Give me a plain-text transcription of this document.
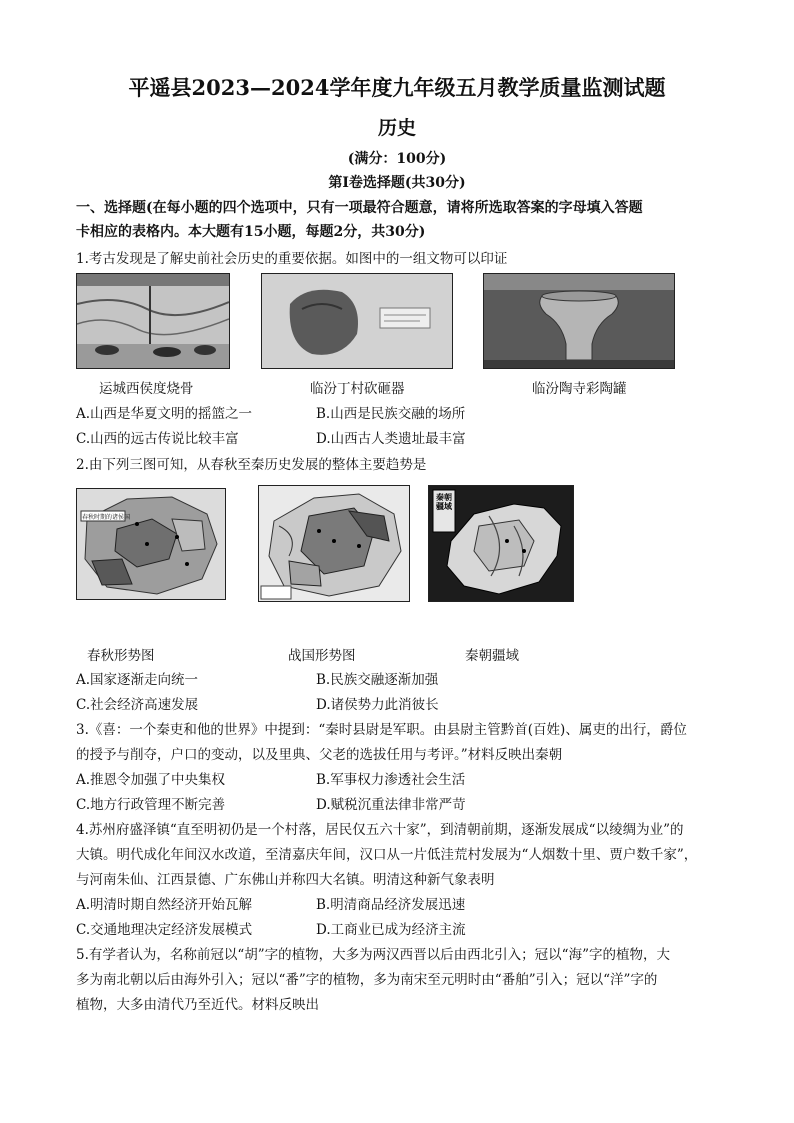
平遥县2023—2024学年度九年级五月教学质量监测试题
历史
(满分：100分)
第Ⅰ卷选择题(共30分)
一、选择题(在每小题的四个选项中，只有一项最符合题意，请将所选取答案的字母填入答题
卡相应的表格内。本大题有15小题，每题2分，共30分)
1.考古发现是了解史前社会历史的重要依据。如图中的一组文物可以印证
运城西侯度烧骨	临汾丁村砍砸器	临汾陶寺彩陶罐
A.山西是华夏文明的摇篮之一	B.山西是民族交融的场所
C.山西的远古传说比较丰富	D.山西古人类遗址最丰富
2.由下列三图可知，从春秋至秦历史发展的整体主要趋势是
春秋时期的诸侯国
秦朝疆域
春秋形势图	战国形势图	秦朝疆域
A.国家逐渐走向统一	B.民族交融逐渐加强
C.社会经济高速发展	D.诸侯势力此消彼长
3.《喜：一个秦吏和他的世界》中提到：“秦时县尉是军职。由县尉主管黔首(百姓)、属吏的出行，爵位
的授予与削夺，户口的变动，以及里典、父老的选拔任用与考评。”材料反映出秦朝
A.推恩令加强了中央集权	B.军事权力渗透社会生活
C.地方行政管理不断完善	D.赋税沉重法律非常严苛
4.苏州府盛泽镇“直至明初仍是一个村落，居民仅五六十家”，到清朝前期，逐渐发展成“以绫绸为业”的
大镇。明代成化年间汉水改道，至清嘉庆年间，汉口从一片低洼荒村发展为“人烟数十里、贾户数千家”，
与河南朱仙、江西景德、广东佛山并称四大名镇。明清这种新气象表明
A.明清时期自然经济开始瓦解	B.明清商品经济发展迅速
C.交通地理决定经济发展模式	D.工商业已成为经济主流
5.有学者认为，名称前冠以“胡”字的植物，大多为两汉西晋以后由西北引入；冠以“海”字的植物，大
多为南北朝以后由海外引入；冠以“番”字的植物，多为南宋至元明时由“番舶”引入；冠以“洋”字的
植物，大多由清代乃至近代。材料反映出
